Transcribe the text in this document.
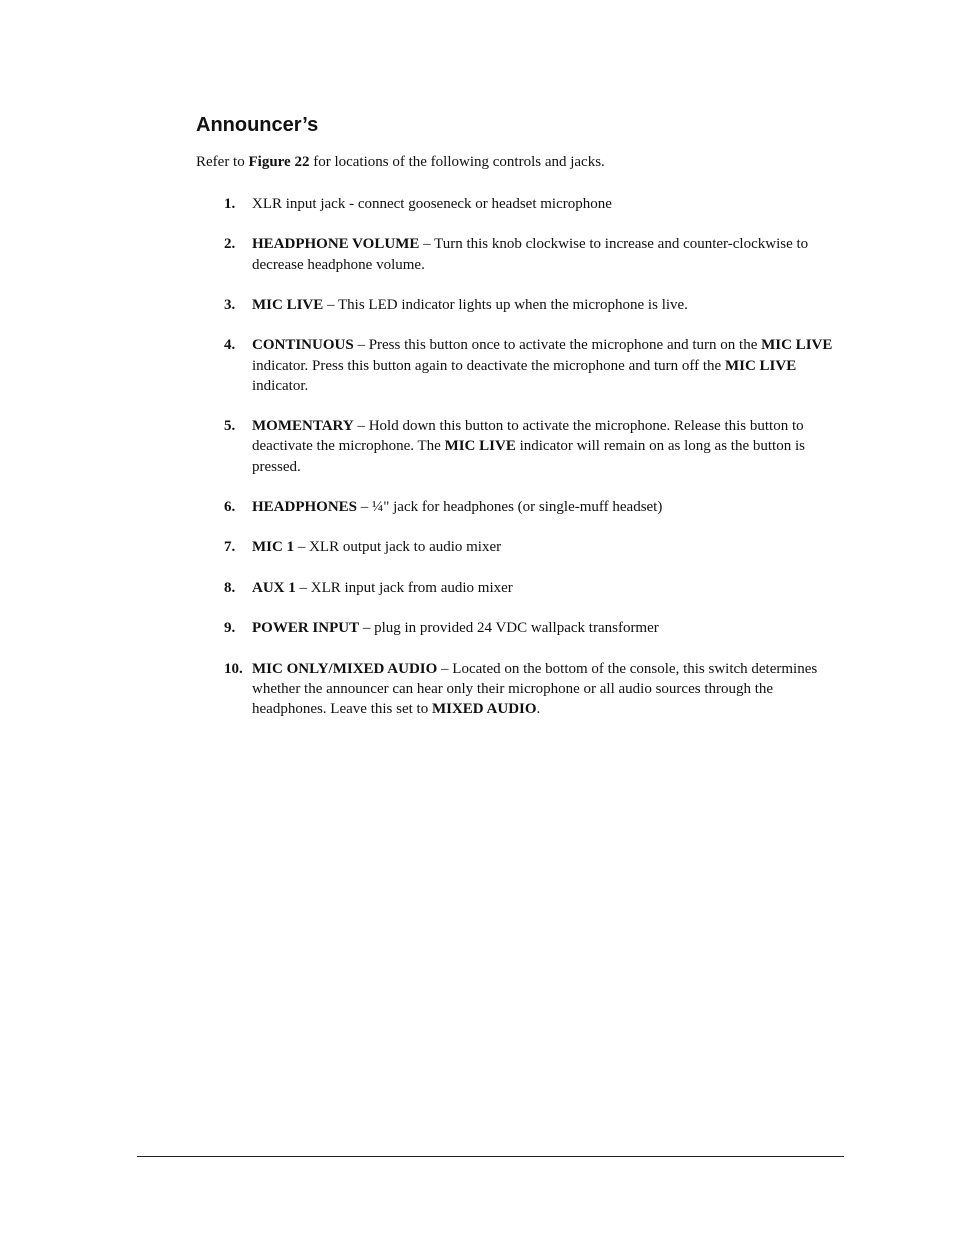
Announcer’s

Refer to Figure 22 for locations of the following controls and jacks.

1.	XLR input jack - connect gooseneck or headset microphone
2.	HEADPHONE VOLUME – Turn this knob clockwise to increase and counter-clockwise to decrease headphone volume.
3.	MIC LIVE – This LED indicator lights up when the microphone is live.
4.	CONTINUOUS – Press this button once to activate the microphone and turn on the MIC LIVE indicator. Press this button again to deactivate the microphone and turn off the MIC LIVE indicator.
5.	MOMENTARY – Hold down this button to activate the microphone. Release this button to deactivate the microphone. The MIC LIVE indicator will remain on as long as the button is pressed.
6.	HEADPHONES – ¼" jack for headphones (or single-muff headset)
7.	MIC 1 – XLR output jack to audio mixer
8.	AUX 1 – XLR input jack from audio mixer
9.	POWER INPUT – plug in provided 24 VDC wallpack transformer
10. MIC ONLY/MIXED AUDIO – Located on the bottom of the console, this switch determines whether the announcer can hear only their microphone or all audio sources through the headphones. Leave this set to MIXED AUDIO.
